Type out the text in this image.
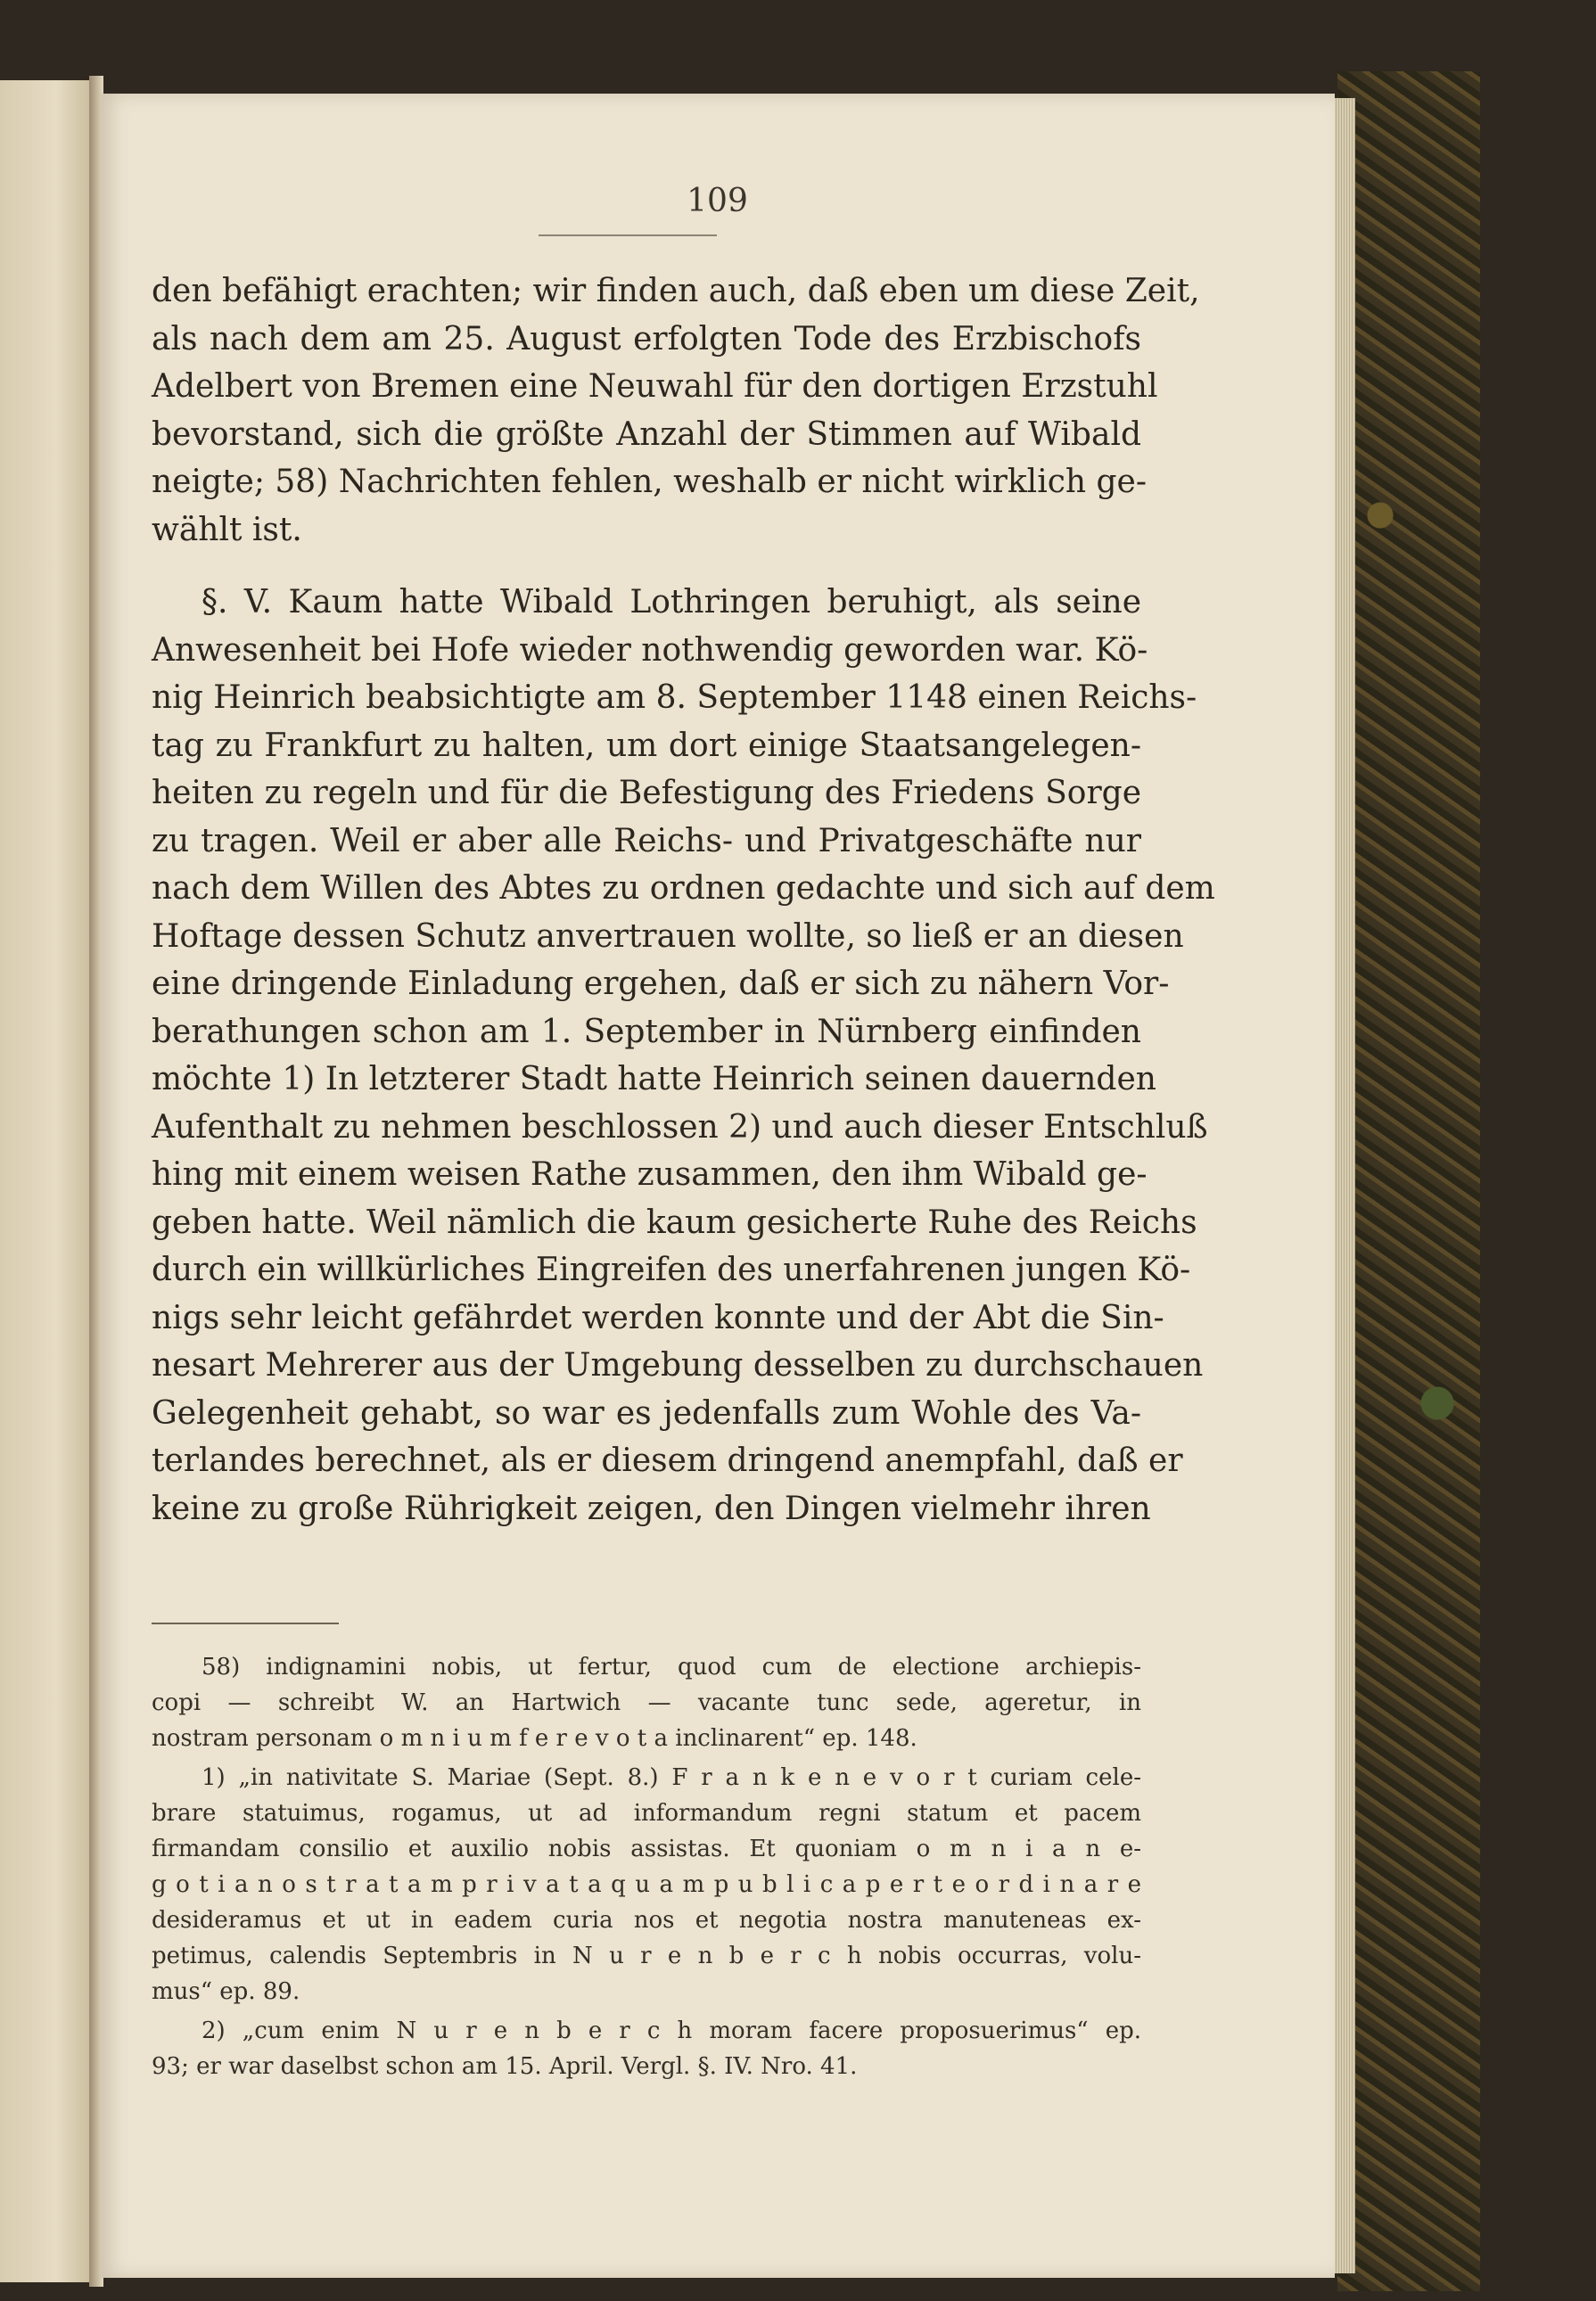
109
den befähigt erachten; wir finden auch, daß eben um diese Zeit,
als nach dem am 25. August erfolgten Tode des Erzbischofs
Adelbert von Bremen eine Neuwahl für den dortigen Erzstuhl
bevorstand, sich die größte Anzahl der Stimmen auf Wibald
neigte; 58) Nachrichten fehlen, weshalb er nicht wirklich ge-
wählt ist.
§. V. Kaum hatte Wibald Lothringen beruhigt, als seine
Anwesenheit bei Hofe wieder nothwendig geworden war. Kö-
nig Heinrich beabsichtigte am 8. September 1148 einen Reichs-
tag zu Frankfurt zu halten, um dort einige Staatsangelegen-
heiten zu regeln und für die Befestigung des Friedens Sorge
zu tragen. Weil er aber alle Reichs- und Privatgeschäfte nur
nach dem Willen des Abtes zu ordnen gedachte und sich auf dem
Hoftage dessen Schutz anvertrauen wollte, so ließ er an diesen
eine dringende Einladung ergehen, daß er sich zu nähern Vor-
berathungen schon am 1. September in Nürnberg einfinden
möchte 1) In letzterer Stadt hatte Heinrich seinen dauernden
Aufenthalt zu nehmen beschlossen 2) und auch dieser Entschluß
hing mit einem weisen Rathe zusammen, den ihm Wibald ge-
geben hatte. Weil nämlich die kaum gesicherte Ruhe des Reichs
durch ein willkürliches Eingreifen des unerfahrenen jungen Kö-
nigs sehr leicht gefährdet werden konnte und der Abt die Sin-
nesart Mehrerer aus der Umgebung desselben zu durchschauen
Gelegenheit gehabt, so war es jedenfalls zum Wohle des Va-
terlandes berechnet, als er diesem dringend anempfahl, daß er
keine zu große Rührigkeit zeigen, den Dingen vielmehr ihren
58) indignamini nobis, ut fertur, quod cum de electione archiepis-
copi — schreibt W. an Hartwich — vacante tunc sede, ageretur, in
nostram personam o m n i u m f e r e v o t a inclinarent“ ep. 148.
1) „in nativitate S. Mariae (Sept. 8.) F r a n k e n e v o r t curiam cele-
brare statuimus, rogamus, ut ad informandum regni statum et pacem
firmandam consilio et auxilio nobis assistas. Et quoniam o m n i a n e-
g o t i a n o s t r a t a m p r i v a t a q u a m p u b l i c a p e r t e o r d i n a r e
desideramus et ut in eadem curia nos et negotia nostra manuteneas ex-
petimus, calendis Septembris in N u r e n b e r c h nobis occurras, volu-
mus“ ep. 89.
2) „cum enim N u r e n b e r c h moram facere proposuerimus“ ep.
93; er war daselbst schon am 15. April. Vergl. §. IV. Nro. 41.
